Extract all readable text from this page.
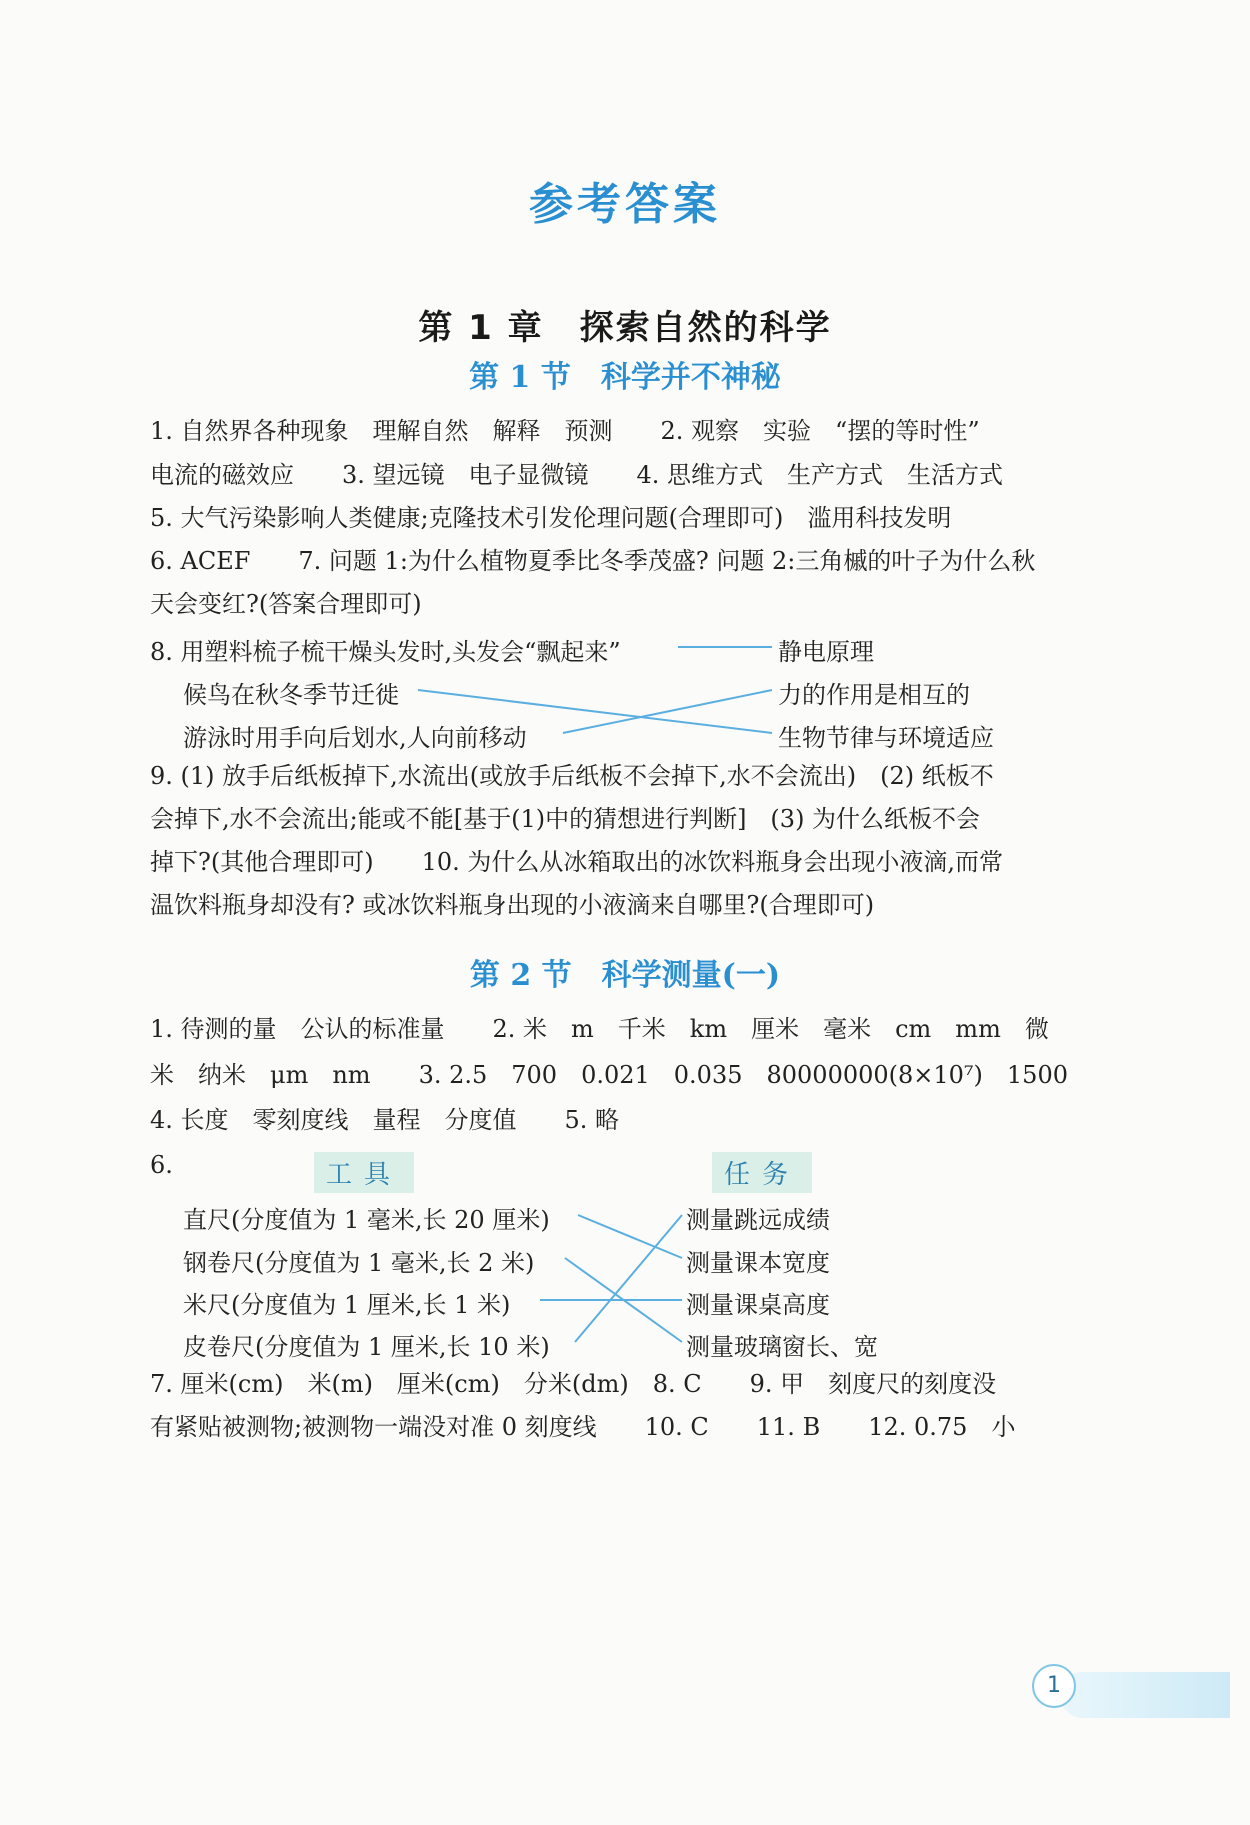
参考答案
第 1 章　探索自然的科学
第 1 节　科学并不神秘
1. 自然界各种现象　理解自然　解释　预测　　2. 观察　实验　“摆的等时性”
电流的磁效应　　3. 望远镜　电子显微镜　　4. 思维方式　生产方式　生活方式
5. 大气污染影响人类健康;克隆技术引发伦理问题(合理即可)　滥用科技发明
6. ACEF　　7. 问题 1:为什么植物夏季比冬季茂盛? 问题 2:三角槭的叶子为什么秋
天会变红?(答案合理即可)
8. 用塑料梳子梳干燥头发时,头发会“飘起来”
候鸟在秋冬季节迁徙
游泳时用手向后划水,人向前移动
静电原理
力的作用是相互的
生物节律与环境适应
9. (1) 放手后纸板掉下,水流出(或放手后纸板不会掉下,水不会流出)　(2) 纸板不
会掉下,水不会流出;能或不能[基于(1)中的猜想进行判断]　(3) 为什么纸板不会
掉下?(其他合理即可)　　10. 为什么从冰箱取出的冰饮料瓶身会出现小液滴,而常
温饮料瓶身却没有? 或冰饮料瓶身出现的小液滴来自哪里?(合理即可)
第 2 节　科学测量(一)
1. 待测的量　公认的标准量　　2. 米　m　千米　km　厘米　毫米　cm　mm　微
米　纳米　μm　nm　　3. 2.5　700　0.021　0.035　80000000(8×10⁷)　1500
4. 长度　零刻度线　量程　分度值　　5. 略
6.	工具	任务
直尺(分度值为 1 毫米,长 20 厘米)
钢卷尺(分度值为 1 毫米,长 2 米)
米尺(分度值为 1 厘米,长 1 米)
皮卷尺(分度值为 1 厘米,长 10 米)
测量跳远成绩
测量课本宽度
测量课桌高度
测量玻璃窗长、宽
7. 厘米(cm)　米(m)　厘米(cm)　分米(dm)　8. C　　9. 甲　刻度尺的刻度没
有紧贴被测物;被测物一端没对准 0 刻度线　　10. C　　11. B　　12. 0.75　小
1
